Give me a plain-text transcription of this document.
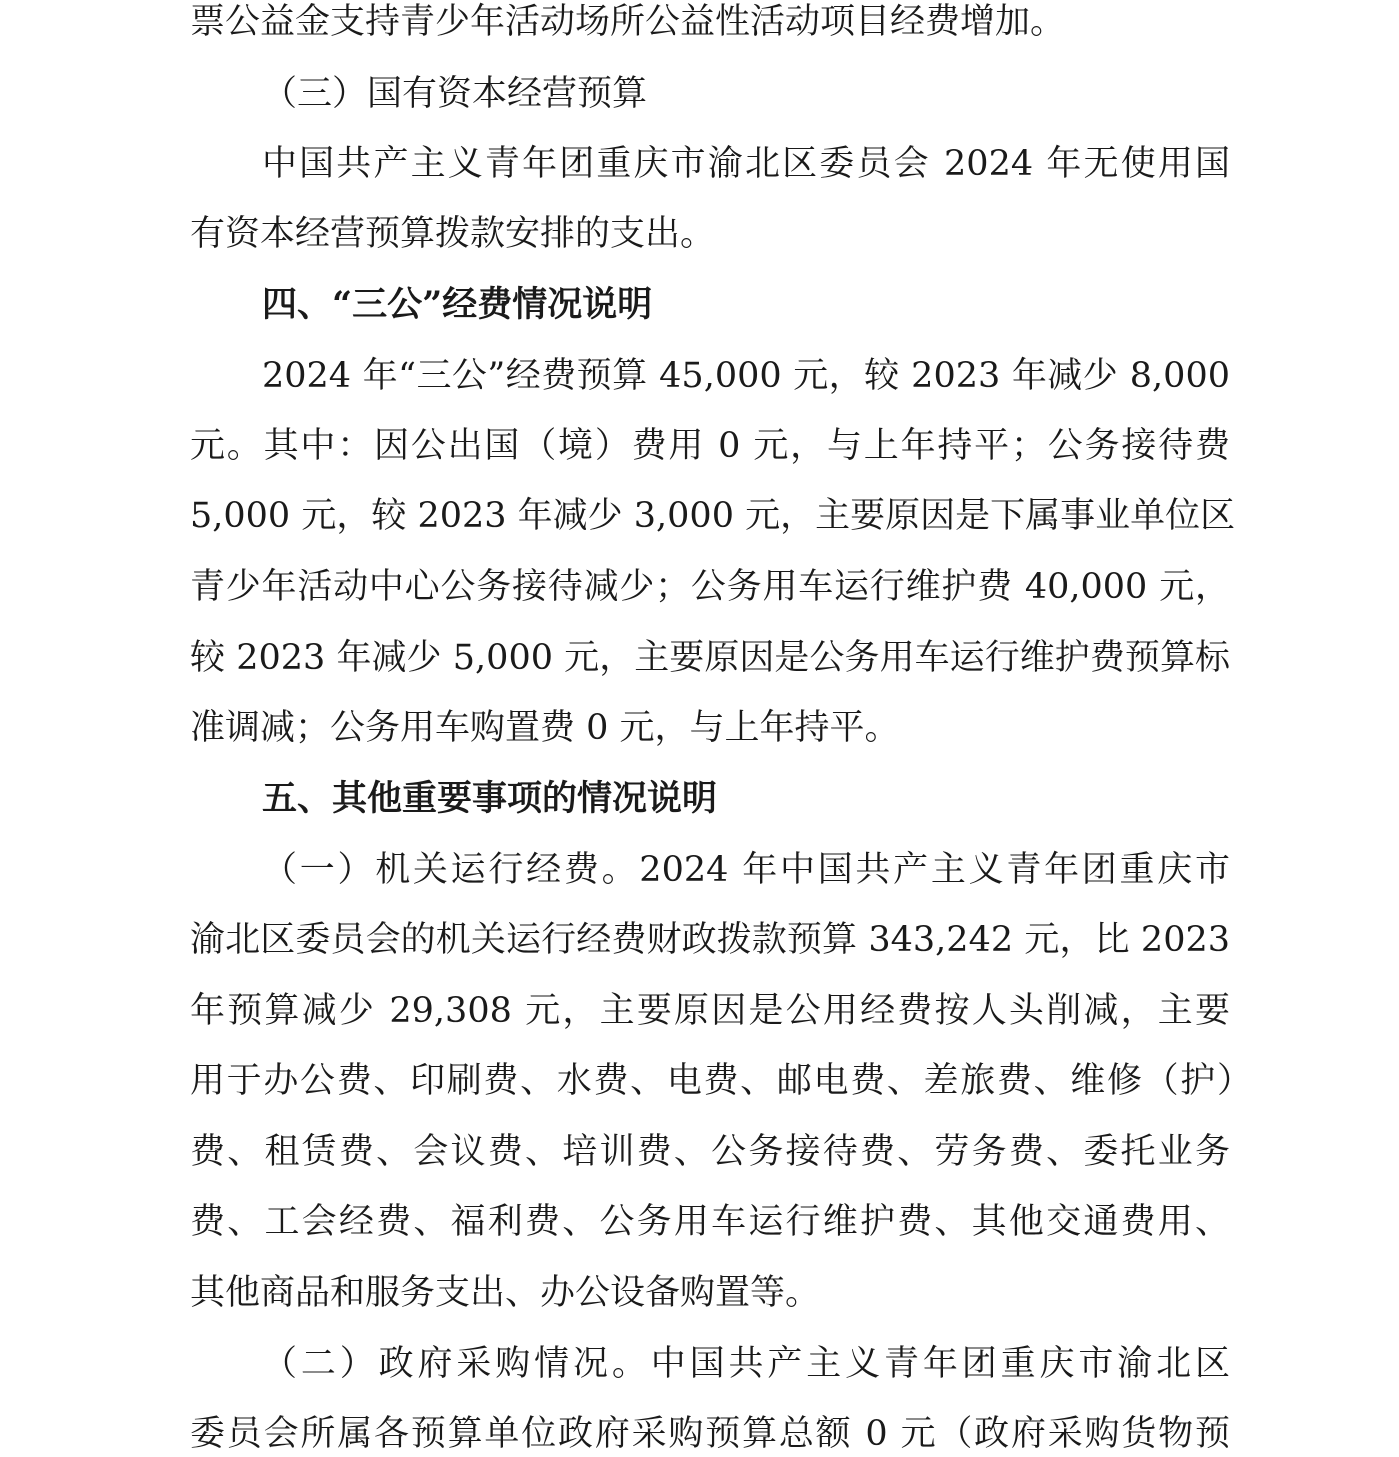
票公益金支持青少年活动场所公益性活动项目经费增加。
（三）国有资本经营预算
中国共产主义青年团重庆市渝北区委员会 2024 年无使用国
有资本经营预算拨款安排的支出。
四、“三公”经费情况说明
2024 年“三公”经费预算 45,000 元，较 2023 年减少 8,000
元。其中：因公出国（境）费用 0 元，与上年持平；公务接待费
5,000 元，较 2023 年减少 3,000 元，主要原因是下属事业单位区
青少年活动中心公务接待减少；公务用车运行维护费 40,000 元，
较 2023 年减少 5,000 元，主要原因是公务用车运行维护费预算标
准调减；公务用车购置费 0 元，与上年持平。
五、其他重要事项的情况说明
（一）机关运行经费。2024 年中国共产主义青年团重庆市
渝北区委员会的机关运行经费财政拨款预算 343,242 元，比 2023
年预算减少 29,308 元，主要原因是公用经费按人头削减，主要
用于办公费、印刷费、水费、电费、邮电费、差旅费、维修（护）
费、租赁费、会议费、培训费、公务接待费、劳务费、委托业务
费、工会经费、福利费、公务用车运行维护费、其他交通费用、
其他商品和服务支出、办公设备购置等。
（二）政府采购情况。中国共产主义青年团重庆市渝北区
委员会所属各预算单位政府采购预算总额 0 元（政府采购货物预
